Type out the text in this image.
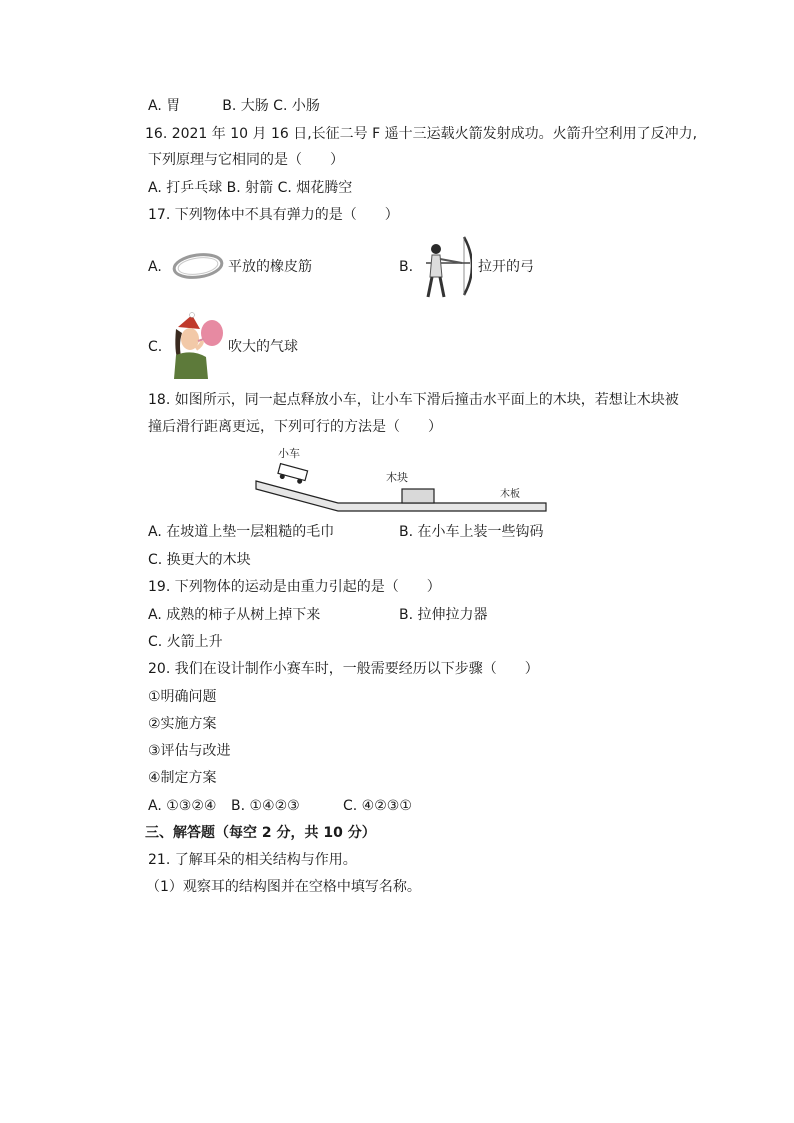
A. 胃　　　B. 大肠 C. 小肠
16. 2021 年 10 月 16 日,长征二号 F 遥十三运载火箭发射成功。火箭升空利用了反冲力,
下列原理与它相同的是（　　）
A. 打乒乓球 B. 射箭 C. 烟花腾空
17. 下列物体中不具有弹力的是（　　）
A.	平放的橡皮筋	B.	拉开的弓
C.	吹大的气球
18. 如图所示，同一起点释放小车，让小车下滑后撞击水平面上的木块，若想让木块被
撞后滑行距离更远，下列可行的方法是（　　）
小车
木块
木板
A. 在坡道上垫一层粗糙的毛巾	B. 在小车上装一些钩码
C. 换更大的木块
19. 下列物体的运动是由重力引起的是（　　）
A. 成熟的柿子从树上掉下来	B. 拉伸拉力器
C. 火箭上升
20. 我们在设计制作小赛车时，一般需要经历以下步骤（　　）
①明确问题
②实施方案
③评估与改进
④制定方案
A. ①③②④ B. ①④②③	C. ④②③①
三、解答题（每空 2 分，共 10 分）
21. 了解耳朵的相关结构与作用。
（1）观察耳的结构图并在空格中填写名称。
